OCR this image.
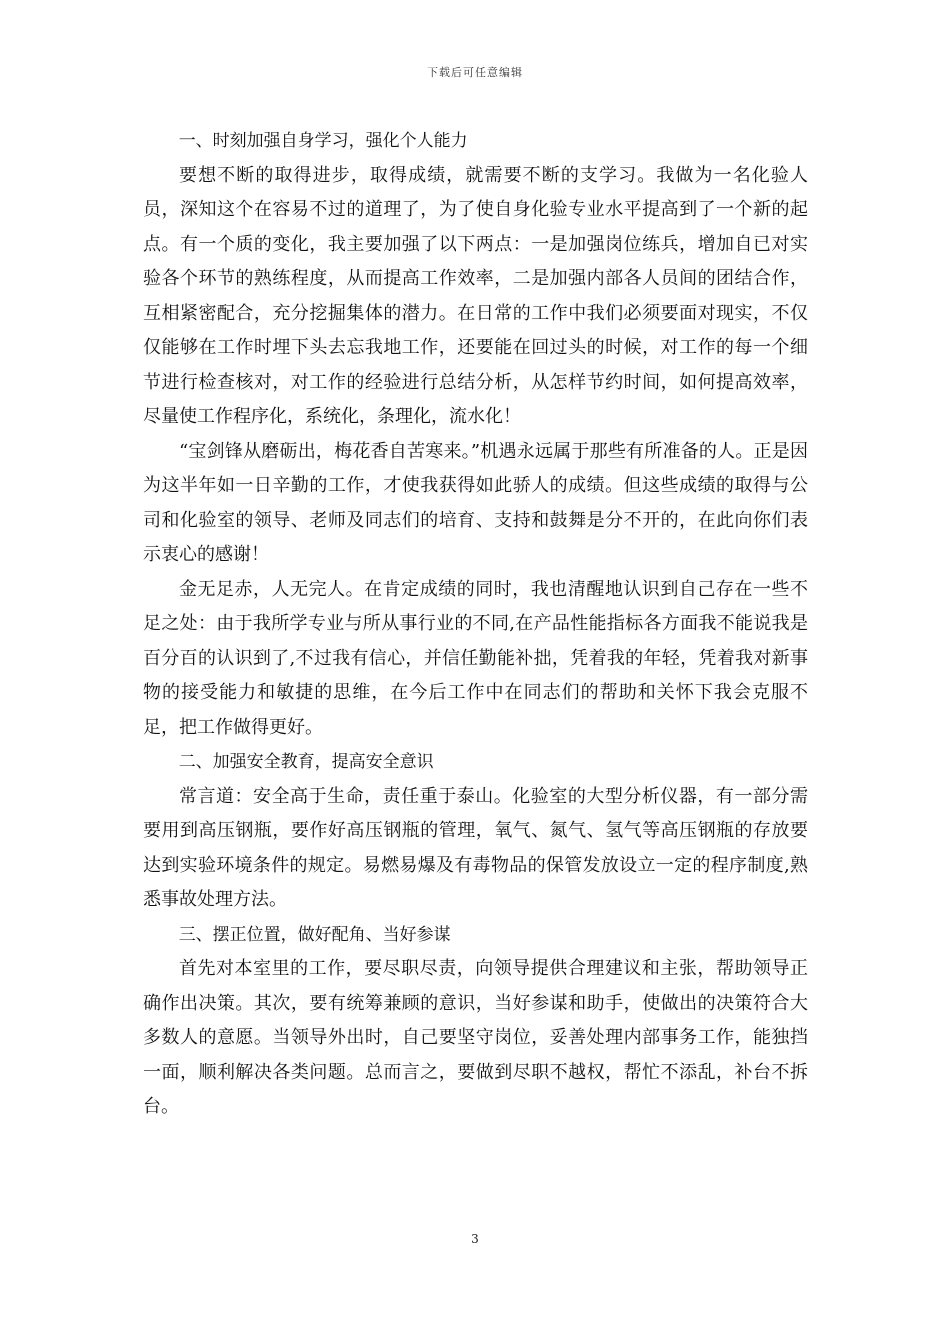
下载后可任意编辑

一、时刻加强自身学习，强化个人能力

要想不断的取得进步，取得成绩，就需要不断的支学习。我做为一名化验人员，深知这个在容易不过的道理了，为了使自身化验专业水平提高到了一个新的起点。有一个质的变化，我主要加强了以下两点：一是加强岗位练兵，增加自已对实验各个环节的熟练程度，从而提高工作效率，二是加强内部各人员间的团结合作，互相紧密配合，充分挖掘集体的潜力。在日常的工作中我们必须要面对现实，不仅仅能够在工作时埋下头去忘我地工作，还要能在回过头的时候，对工作的每一个细节进行检查核对，对工作的经验进行总结分析，从怎样节约时间，如何提高效率，尽量使工作程序化，系统化，条理化，流水化！

“宝剑锋从磨砺出，梅花香自苦寒来。”机遇永远属于那些有所准备的人。正是因为这半年如一日辛勤的工作，才使我获得如此骄人的成绩。但这些成绩的取得与公司和化验室的领导、老师及同志们的培育、支持和鼓舞是分不开的，在此向你们表示衷心的感谢！

金无足赤，人无完人。在肯定成绩的同时，我也清醒地认识到自己存在一些不足之处：由于我所学专业与所从事行业的不同,在产品性能指标各方面我不能说我是百分百的认识到了,不过我有信心，并信任勤能补拙，凭着我的年轻，凭着我对新事物的接受能力和敏捷的思维，在今后工作中在同志们的帮助和关怀下我会克服不足，把工作做得更好。

二、加强安全教育，提高安全意识

常言道：安全高于生命，责任重于泰山。化验室的大型分析仪器，有一部分需要用到高压钢瓶，要作好高压钢瓶的管理，氧气、氮气、氢气等高压钢瓶的存放要达到实验环境条件的规定。易燃易爆及有毒物品的保管发放设立一定的程序制度,熟悉事故处理方法。

三、摆正位置，做好配角、当好参谋

首先对本室里的工作，要尽职尽责，向领导提供合理建议和主张，帮助领导正确作出决策。其次，要有统筹兼顾的意识，当好参谋和助手，使做出的决策符合大多数人的意愿。当领导外出时，自己要坚守岗位，妥善处理内部事务工作，能独挡一面，顺利解决各类问题。总而言之，要做到尽职不越权，帮忙不添乱，补台不拆台。

3
